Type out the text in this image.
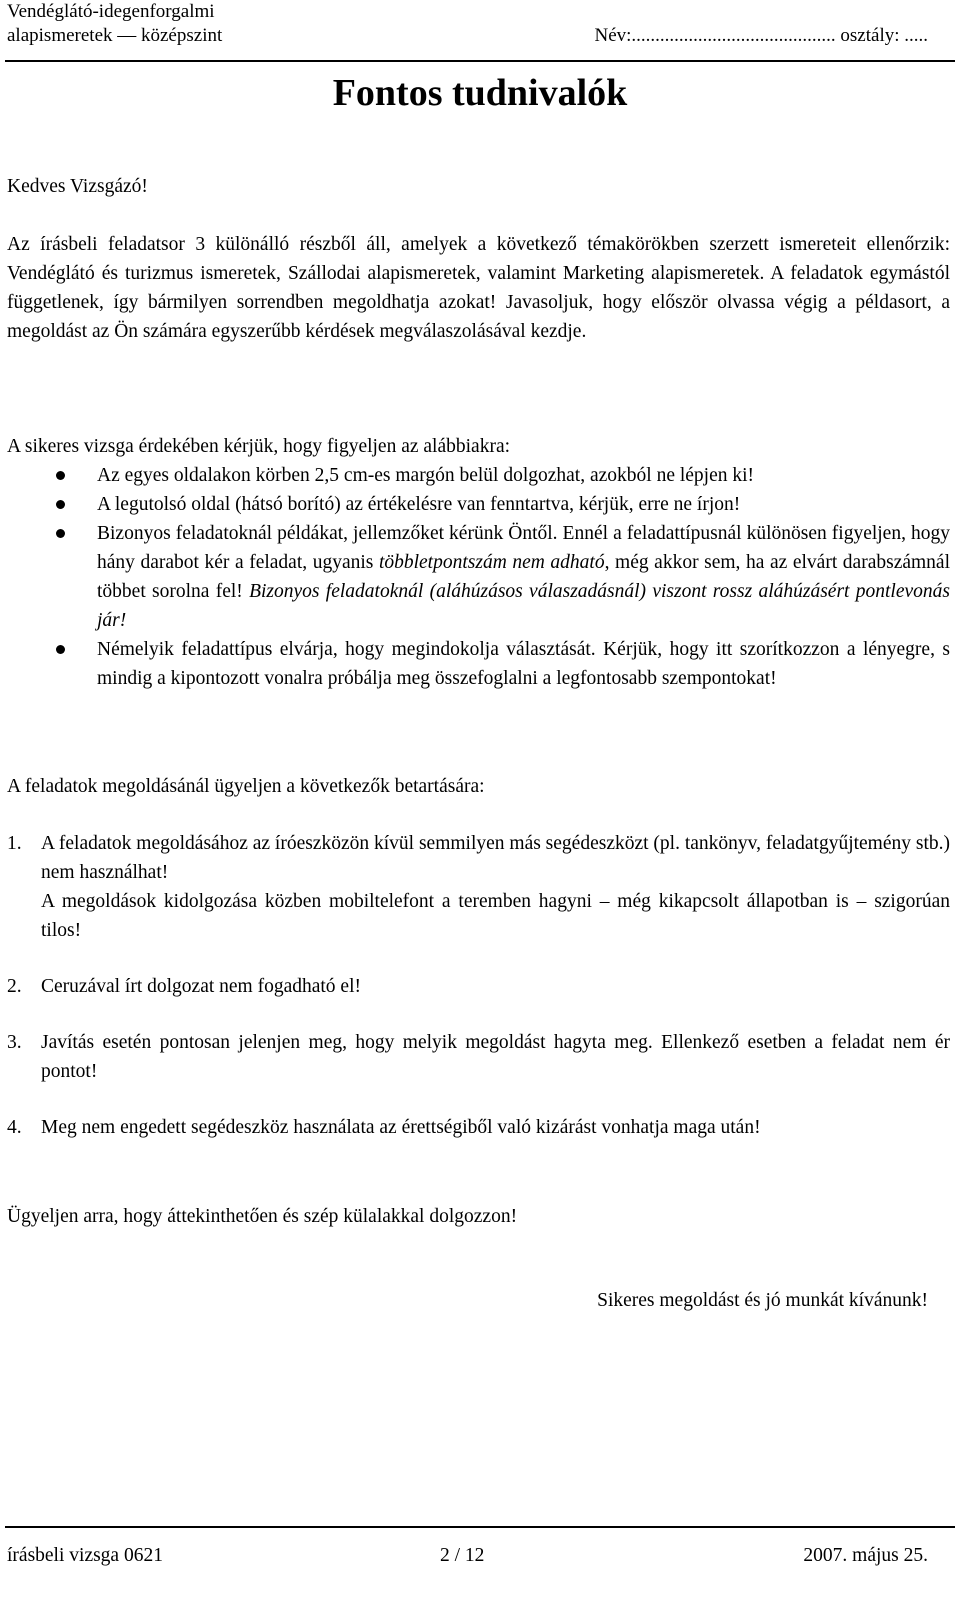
Vendéglátó-idegenforgalmi
alapismeretek — középszint	Név:........................................... osztály: .....
Fontos tudnivalók
Kedves Vizsgázó!
Az írásbeli feladatsor 3 különálló részből áll, amelyek a következő témakörökben szerzett ismereteit ellenőrzik: Vendéglátó és turizmus ismeretek, Szállodai alapismeretek, valamint Marketing alapismeretek. A feladatok egymástól függetlenek, így bármilyen sorrendben megoldhatja azokat! Javasoljuk, hogy először olvassa végig a példasort, a megoldást az Ön számára egyszerűbb kérdések megválaszolásával kezdje.
A sikeres vizsga érdekében kérjük, hogy figyeljen az alábbiakra:
Az egyes oldalakon körben 2,5 cm-es margón belül dolgozhat, azokból ne lépjen ki!
A legutolsó oldal (hátsó borító) az értékelésre van fenntartva, kérjük, erre ne írjon!
Bizonyos feladatoknál példákat, jellemzőket kérünk Öntől. Ennél a feladattípusnál különösen figyeljen, hogy hány darabot kér a feladat, ugyanis többletpontszám nem adható, még akkor sem, ha az elvárt darabszámnál többet sorolna fel! Bizonyos feladatoknál (aláhúzásos válaszadásnál) viszont rossz aláhúzásért pontlevonás jár!
Némelyik feladattípus elvárja, hogy megindokolja választását. Kérjük, hogy itt szorítkozzon a lényegre, s mindig a kipontozott vonalra próbálja meg összefoglalni a legfontosabb szempontokat!
A feladatok megoldásánál ügyeljen a következők betartására:
1. A feladatok megoldásához az íróeszközön kívül semmilyen más segédeszközt (pl. tankönyv, feladatgyűjtemény stb.) nem használhat!
A megoldások kidolgozása közben mobiltelefont a teremben hagyni – még kikapcsolt állapotban is – szigorúan tilos!
2. Ceruzával írt dolgozat nem fogadható el!
3. Javítás esetén pontosan jelenjen meg, hogy melyik megoldást hagyta meg. Ellenkező esetben a feladat nem ér pontot!
4. Meg nem engedett segédeszköz használata az érettségiből való kizárást vonhatja maga után!
Ügyeljen arra, hogy áttekinthetően és szép külalakkal dolgozzon!
Sikeres megoldást és jó munkát kívánunk!
írásbeli vizsga 0621	2 / 12	2007. május 25.
